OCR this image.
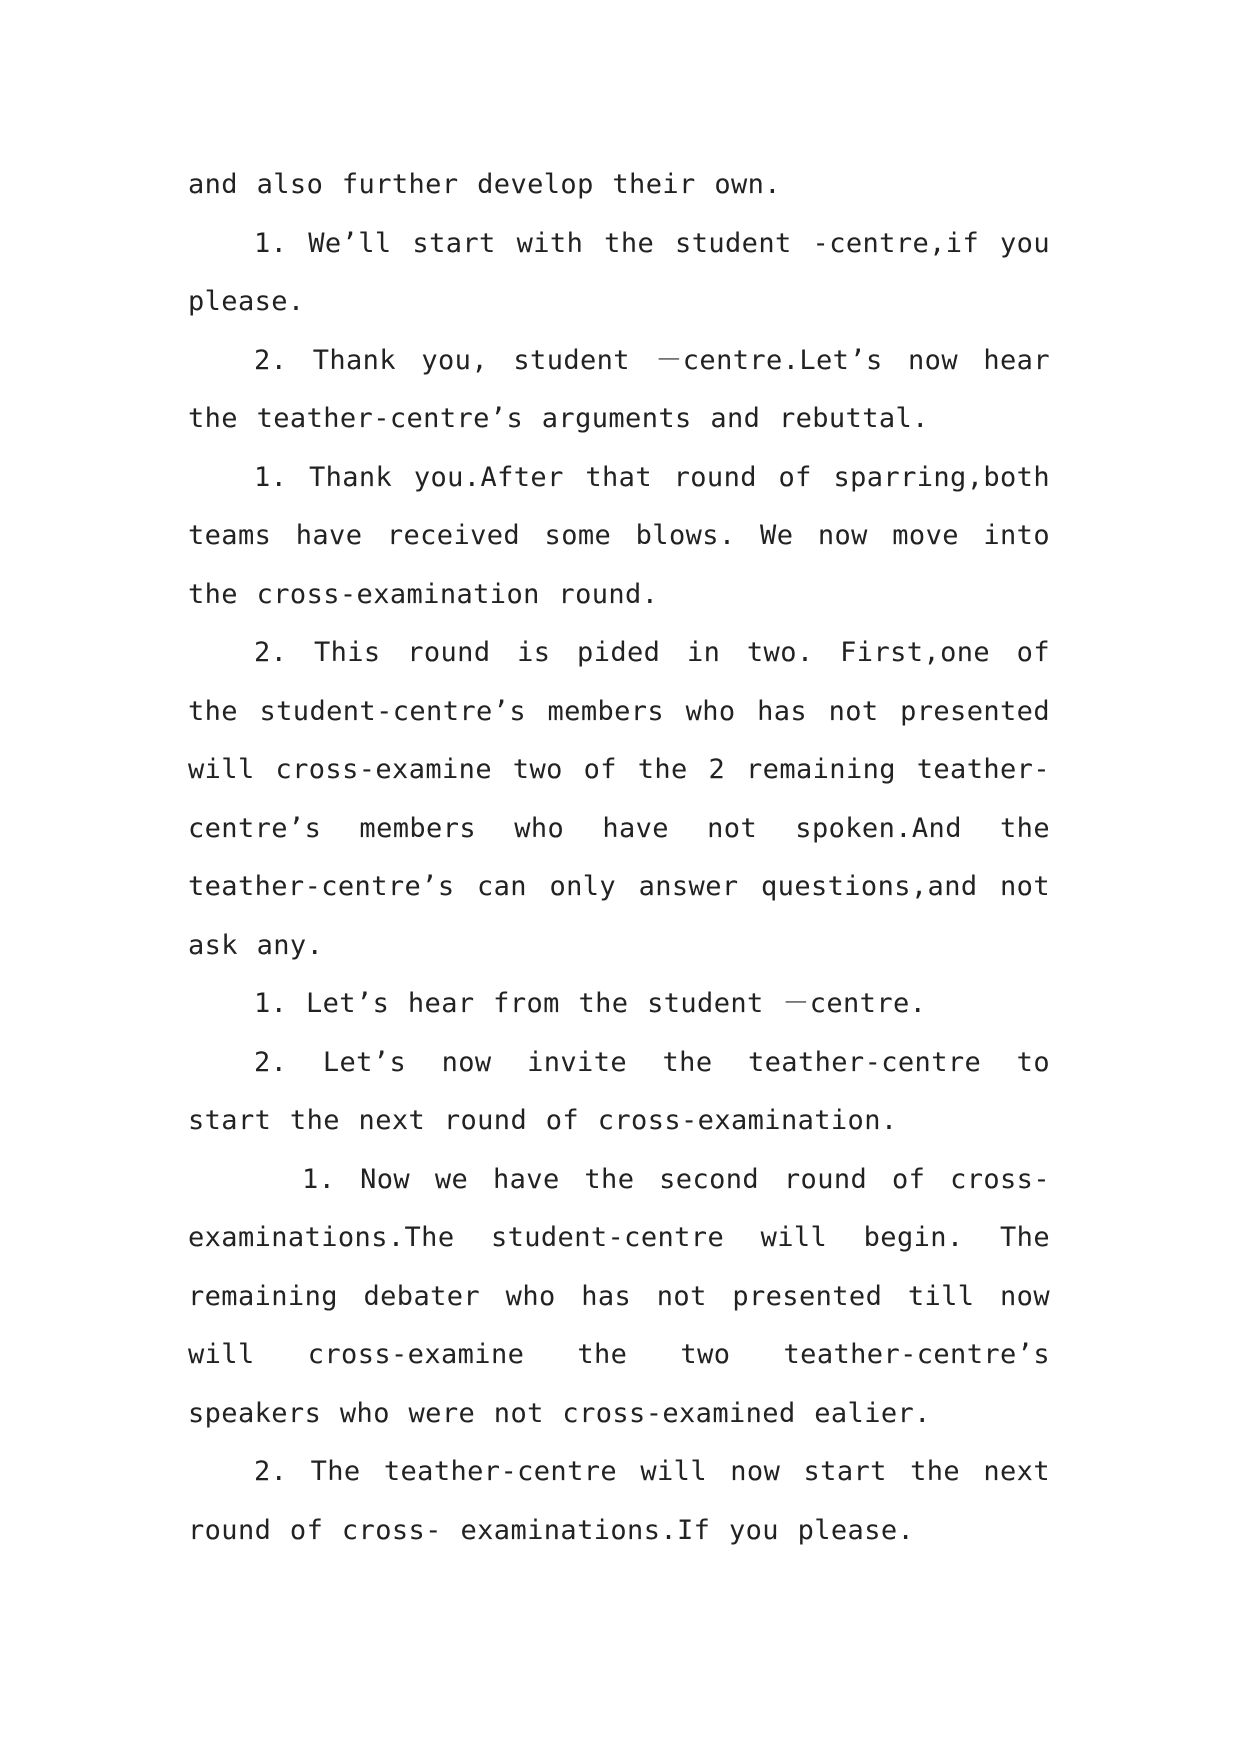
and also further develop their own.

1. We’ll start with the student -centre,if you please.

2. Thank you, student －centre.Let’s now hear the teather-centre’s arguments and rebuttal.

1. Thank you.After that round of sparring,both teams have received some blows. We now move into the cross-examination round.

2. This round is pided in two. First,one of the student-centre’s members who has not presented will cross-examine two of the 2 remaining teather-centre’s members who have not spoken.And the teather-centre’s can only answer questions,and not ask any.

1. Let’s hear from the student －centre.

2. Let’s now invite the teather-centre to start the next round of cross-examination.

1. Now we have the second round of cross-examinations.The student-centre will begin. The remaining debater who has not presented till now will cross-examine the two teather-centre’s speakers who were not cross-examined ealier.

2. The teather-centre will now start the next round of cross- examinations.If you please.
